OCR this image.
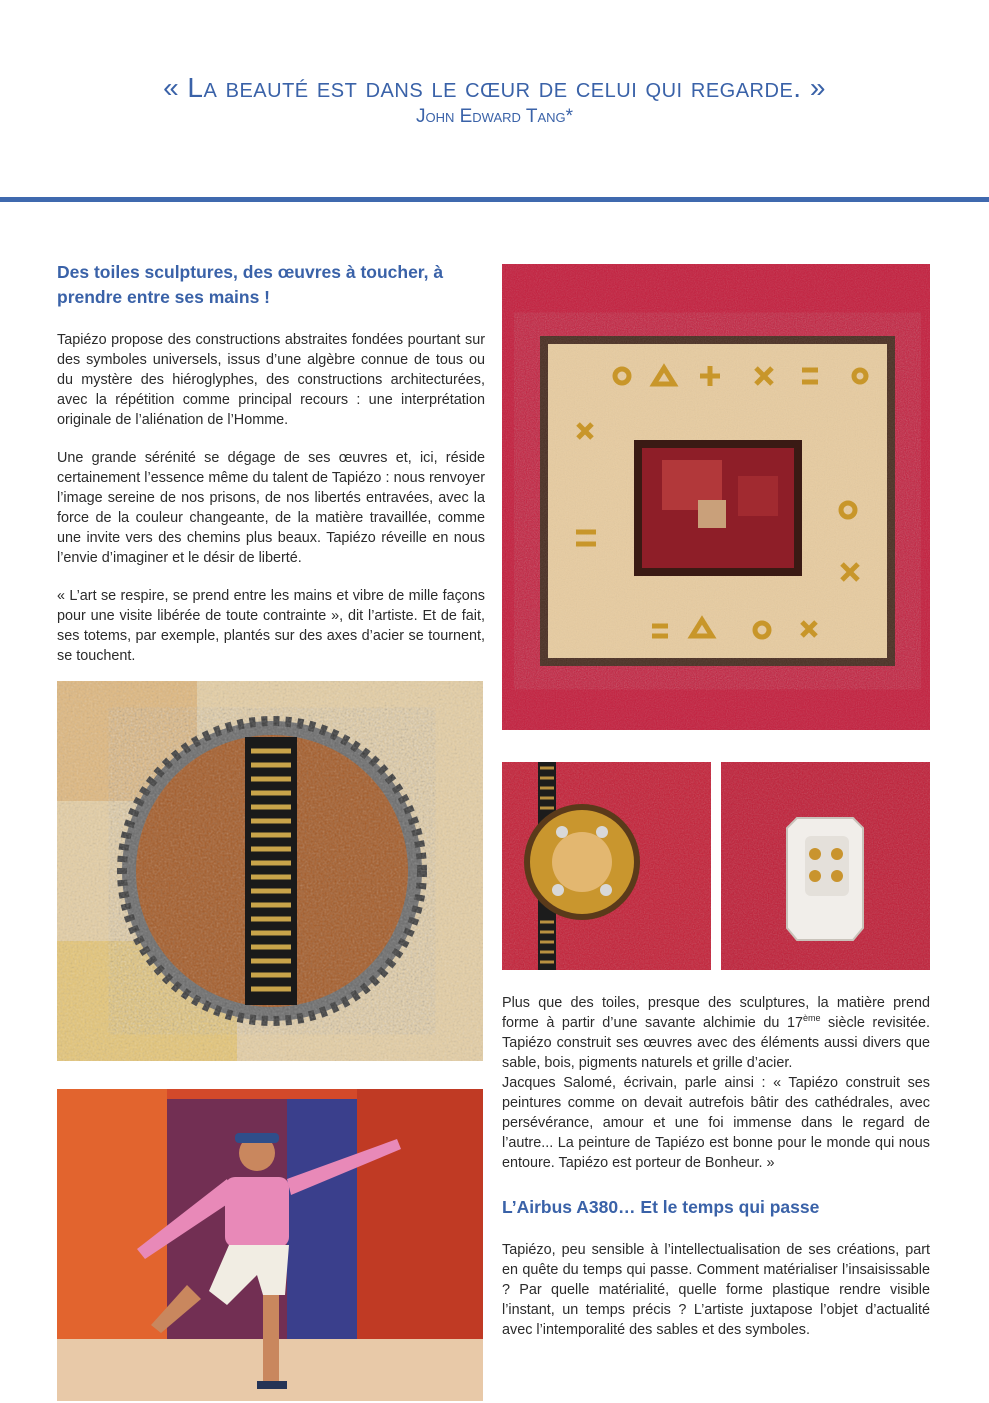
« La beauté est dans le cœur de celui qui regarde. »
John Edward Tang*
Des toiles sculptures, des œuvres à toucher, à prendre entre ses mains !

Tapiézo propose des constructions abstraites fondées pourtant sur des symboles universels, issus d’une algèbre connue de tous ou du mystère des hiéroglyphes, des constructions architecturées, avec la répétition comme principal recours : une interprétation originale de l’aliénation de l’Homme.

Une grande sérénité se dégage de ses œuvres et, ici, réside certainement l’essence même du talent de Tapiézo : nous renvoyer l’image sereine de nos prisons, de nos libertés entravées, avec la force de la couleur changeante, de la matière travaillée, comme une invite vers des chemins plus beaux. Tapiézo réveille en nous l’envie d’imaginer et le désir de liberté.

« L’art se respire, se prend entre les mains et vibre de mille façons pour une visite libérée de toute contrainte », dit l’artiste. Et de fait, ses totems, par exemple, plantés sur des axes d’acier se tournent, se touchent.

Plus que des toiles, presque des sculptures, la matière prend forme à partir d’une savante alchimie du 17ème siècle revisitée. Tapiézo construit ses œuvres avec des éléments aussi divers que sable, bois, pigments naturels et grille d’acier.

Jacques Salomé, écrivain, parle ainsi : « Tapiézo construit ses peintures comme on devait autrefois bâtir des cathédrales, avec persévérance, amour et une foi immense dans le regard de l’autre... La peinture de Tapiézo est bonne pour le monde qui nous entoure. Tapiézo est porteur de Bonheur. »

L’Airbus A380… Et le temps qui passe

Tapiézo, peu sensible à l’intellectualisation de ses créations, part en quête du temps qui passe. Comment matérialiser l’insaisissable ? Par quelle matérialité, quelle forme plastique rendre visible l’instant, un temps précis ? L’artiste juxtapose l’objet d’actualité avec l’intemporalité des sables et des symboles.
